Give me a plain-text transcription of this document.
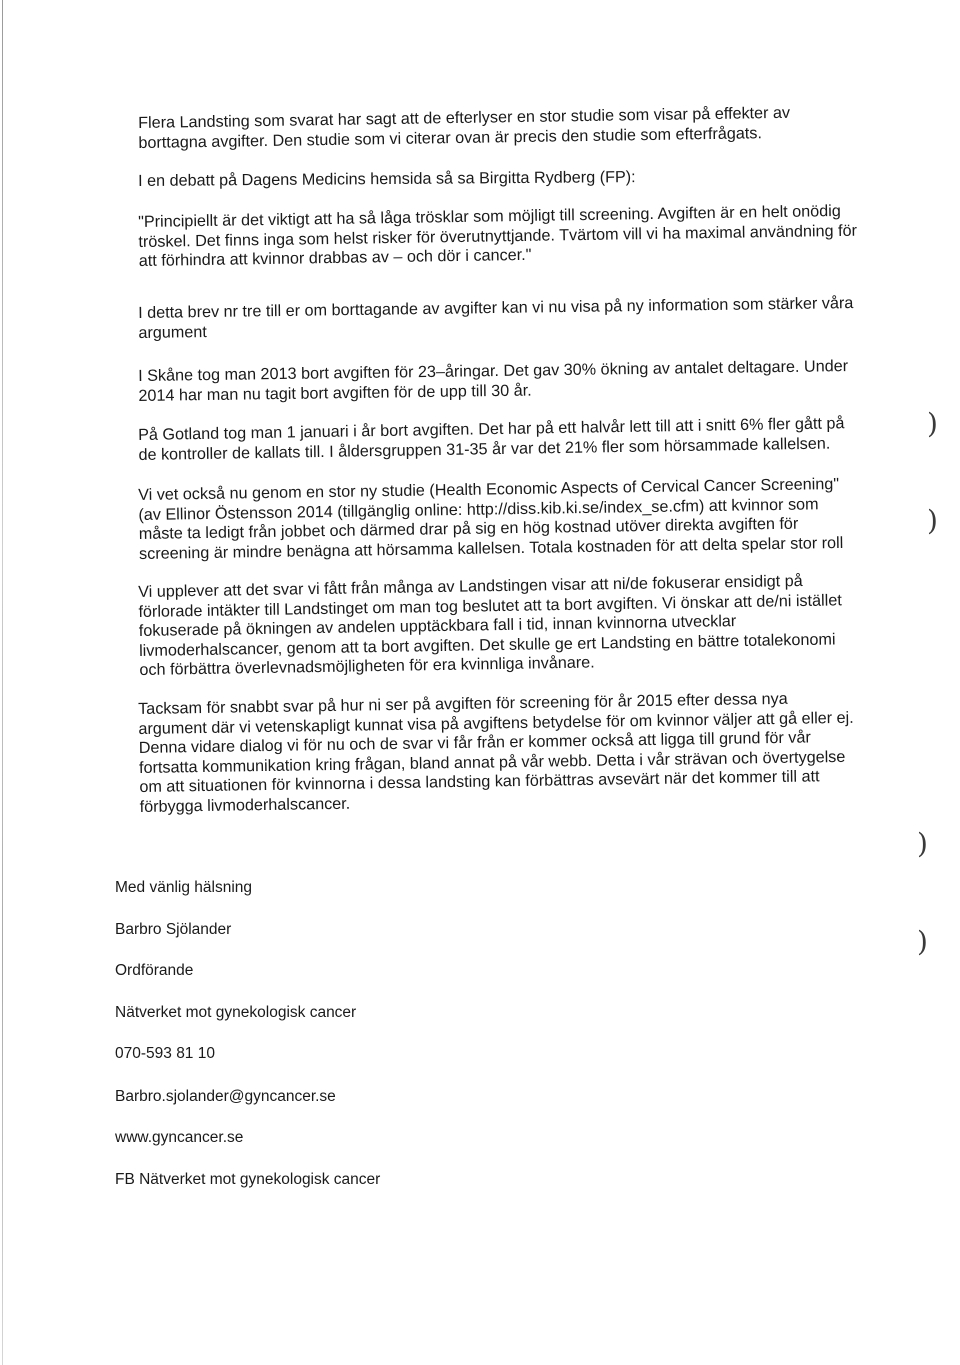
Flera Landsting som svarat har sagt att de efterlyser en stor studie som visar på effekter av borttagna avgifter. Den studie som vi citerar ovan är precis den studie som efterfrågats.

I en debatt på Dagens Medicins hemsida så sa Birgitta Rydberg (FP):

"Principiellt är det viktigt att ha så låga trösklar som möjligt till screening. Avgiften är en helt onödig tröskel. Det finns inga som helst risker för överutnyttjande. Tvärtom vill vi ha maximal användning för att förhindra att kvinnor drabbas av – och dör i cancer."

I detta brev nr tre till er om borttagande av avgifter kan vi nu visa på ny information som stärker våra argument

I Skåne tog man 2013 bort avgiften för 23–åringar. Det gav 30% ökning av antalet deltagare. Under 2014 har man nu tagit bort avgiften för de upp till 30 år.

På Gotland tog man 1 januari i år bort avgiften. Det har på ett halvår lett till att i snitt 6% fler gått på de kontroller de kallats till. I åldersgruppen 31-35 år var det 21% fler som hörsammade kallelsen.

Vi vet också nu genom en stor ny studie (Health Economic Aspects of Cervical Cancer Screening" (av Ellinor Östensson 2014 (tillgänglig online: http://diss.kib.ki.se/index_se.cfm) att kvinnor som måste ta ledigt från jobbet och därmed drar på sig en hög kostnad utöver direkta avgiften för screening är mindre benägna att hörsamma kallelsen. Totala kostnaden för att delta spelar stor roll

Vi upplever att det svar vi fått från många av Landstingen visar att ni/de fokuserar ensidigt på förlorade intäkter till Landstinget om man tog beslutet att ta bort avgiften. Vi önskar att de/ni istället fokuserade på ökningen av andelen upptäckbara fall i tid, innan kvinnorna utvecklar livmoderhalscancer, genom att ta bort avgiften. Det skulle ge ert Landsting en bättre totalekonomi och förbättra överlevnadsmöjligheten för era kvinnliga invånare.

Tacksam för snabbt svar på hur ni ser på avgiften för screening för år 2015 efter dessa nya argument där vi vetenskapligt kunnat visa på avgiftens betydelse för om kvinnor väljer att gå eller ej. Denna vidare dialog vi för nu och de svar vi får från er kommer också att ligga till grund för vår fortsatta kommunikation kring frågan, bland annat på vår webb. Detta i vår strävan och övertygelse om att situationen för kvinnorna i dessa landsting kan förbättras avsevärt när det kommer till att förbygga livmoderhalscancer.

Med vänlig hälsning
Barbro Sjölander
Ordförande
Nätverket mot gynekologisk cancer
070-593 81 10
Barbro.sjolander@gyncancer.se
www.gyncancer.se
FB Nätverket mot gynekologisk cancer
)
)
)
)
